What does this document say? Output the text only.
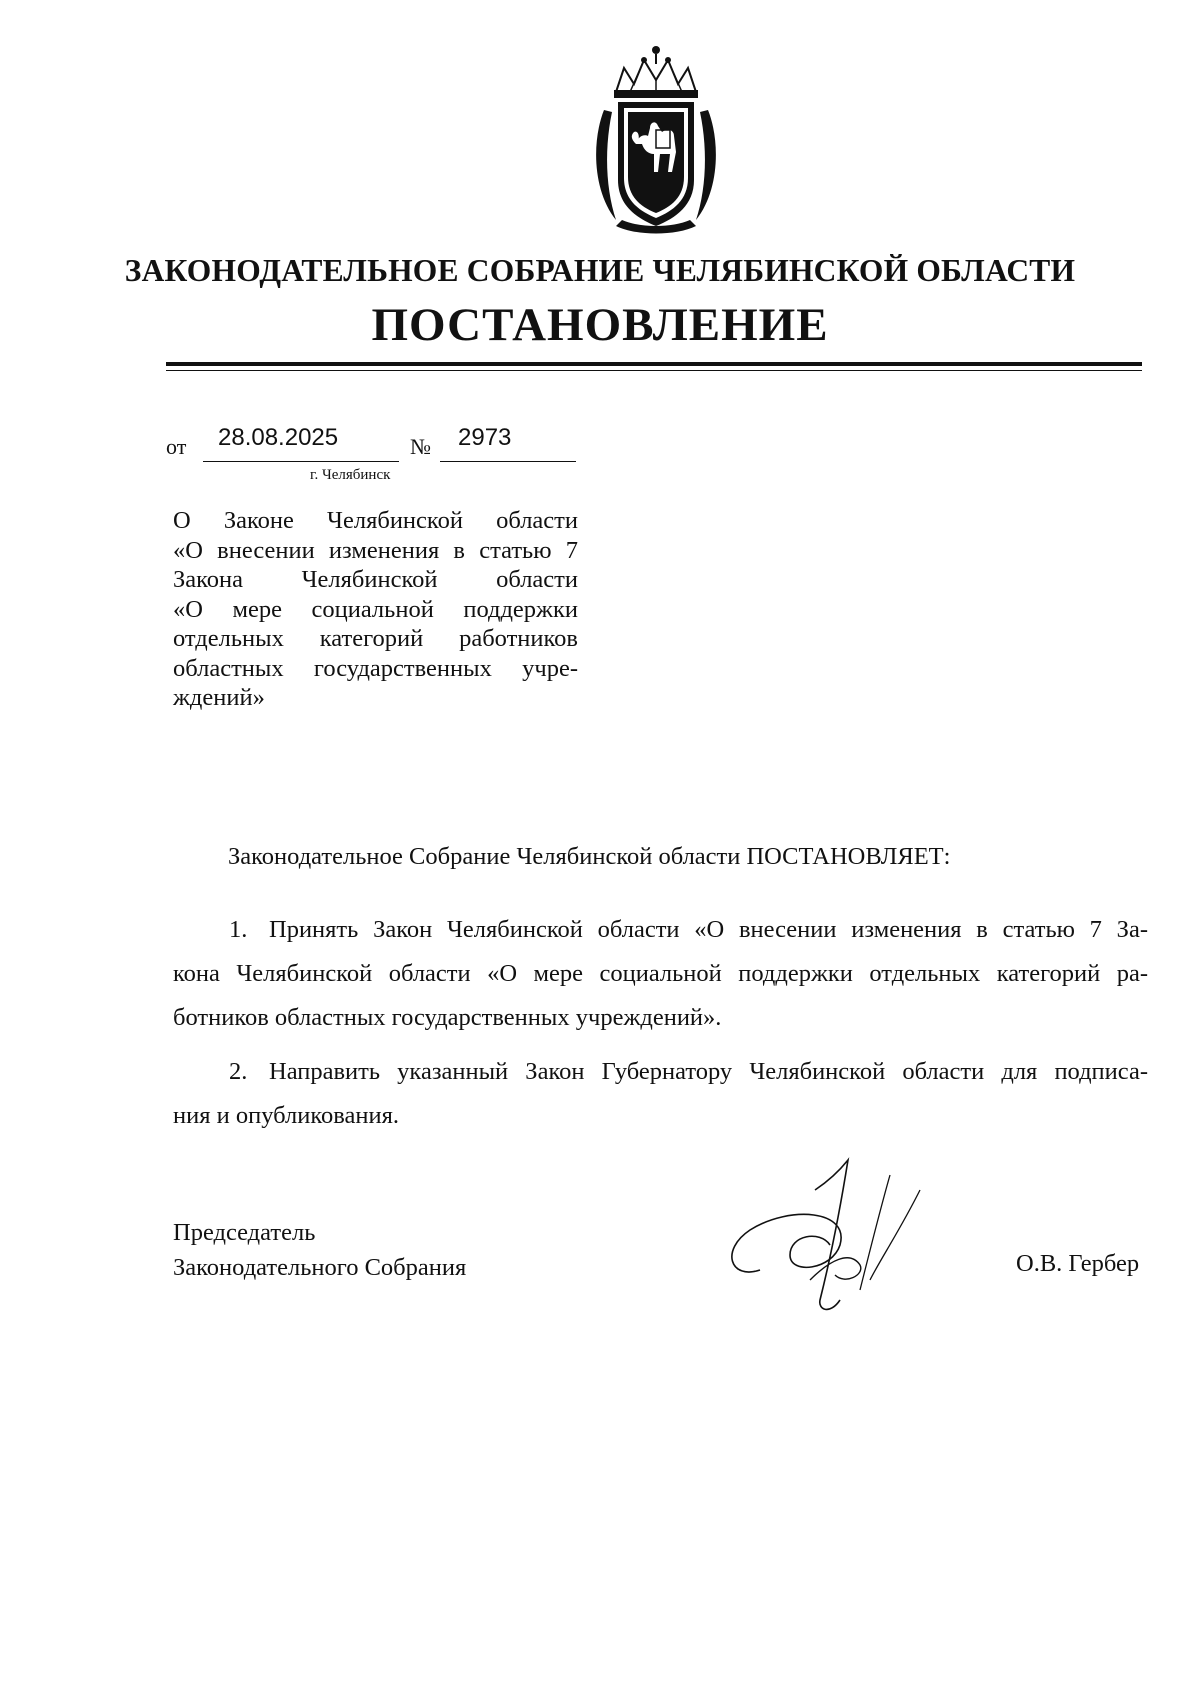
ЗАКОНОДАТЕЛЬНОЕ СОБРАНИЕ ЧЕЛЯБИНСКОЙ ОБЛАСТИ
ПОСТАНОВЛЕНИЕ
от 28.08.2025	№ 2973
г. Челябинск
О Законе Челябинской области
«О внесении изменения в статью 7
Закона Челябинской области
«О мере социальной поддержки
отдельных категорий работников
областных государственных учре-
ждений»
Законодательное Собрание Челябинской области ПОСТАНОВЛЯЕТ:
1. Принять Закон Челябинской области «О внесении изменения в статью 7 За-
кона Челябинской области «О мере социальной поддержки отдельных категорий ра-
ботников областных государственных учреждений».
2. Направить указанный Закон Губернатору Челябинской области для подписа-
ния и опубликования.
Председатель
Законодательного Собрания	О.В. Гербер
